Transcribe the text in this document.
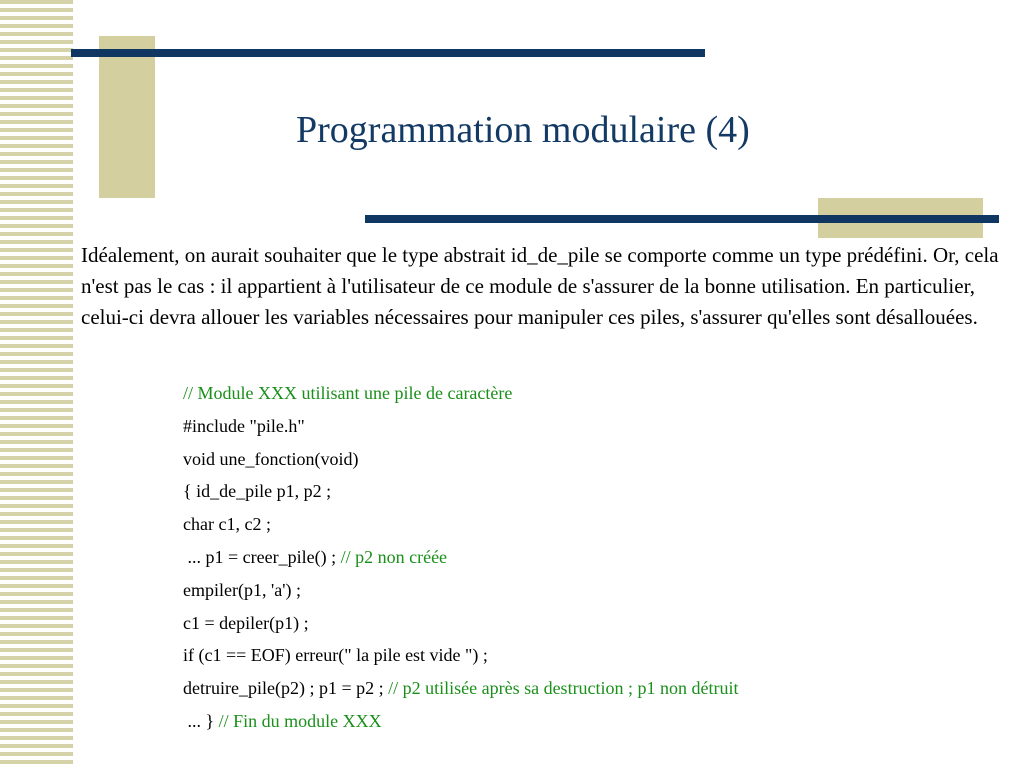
Programmation modulaire (4)

Idéalement, on aurait souhaiter que le type abstrait id_de_pile se comporte comme un type prédéfini. Or, cela n'est pas le cas : il appartient à l'utilisateur de ce module de s'assurer de la bonne utilisation. En particulier, celui-ci devra allouer les variables nécessaires pour manipuler ces piles, s'assurer qu'elles sont désallouées.

// Module XXX utilisant une pile de caractère
#include "pile.h"
void une_fonction(void)
{ id_de_pile p1, p2 ;
char c1, c2 ;
... p1 = creer_pile() ; // p2 non créée
empiler(p1, 'a') ;
c1 = depiler(p1) ;
if (c1 == EOF) erreur(" la pile est vide ") ;
detruire_pile(p2) ; p1 = p2 ; // p2 utilisée après sa destruction ; p1 non détruit
... } // Fin du module XXX
